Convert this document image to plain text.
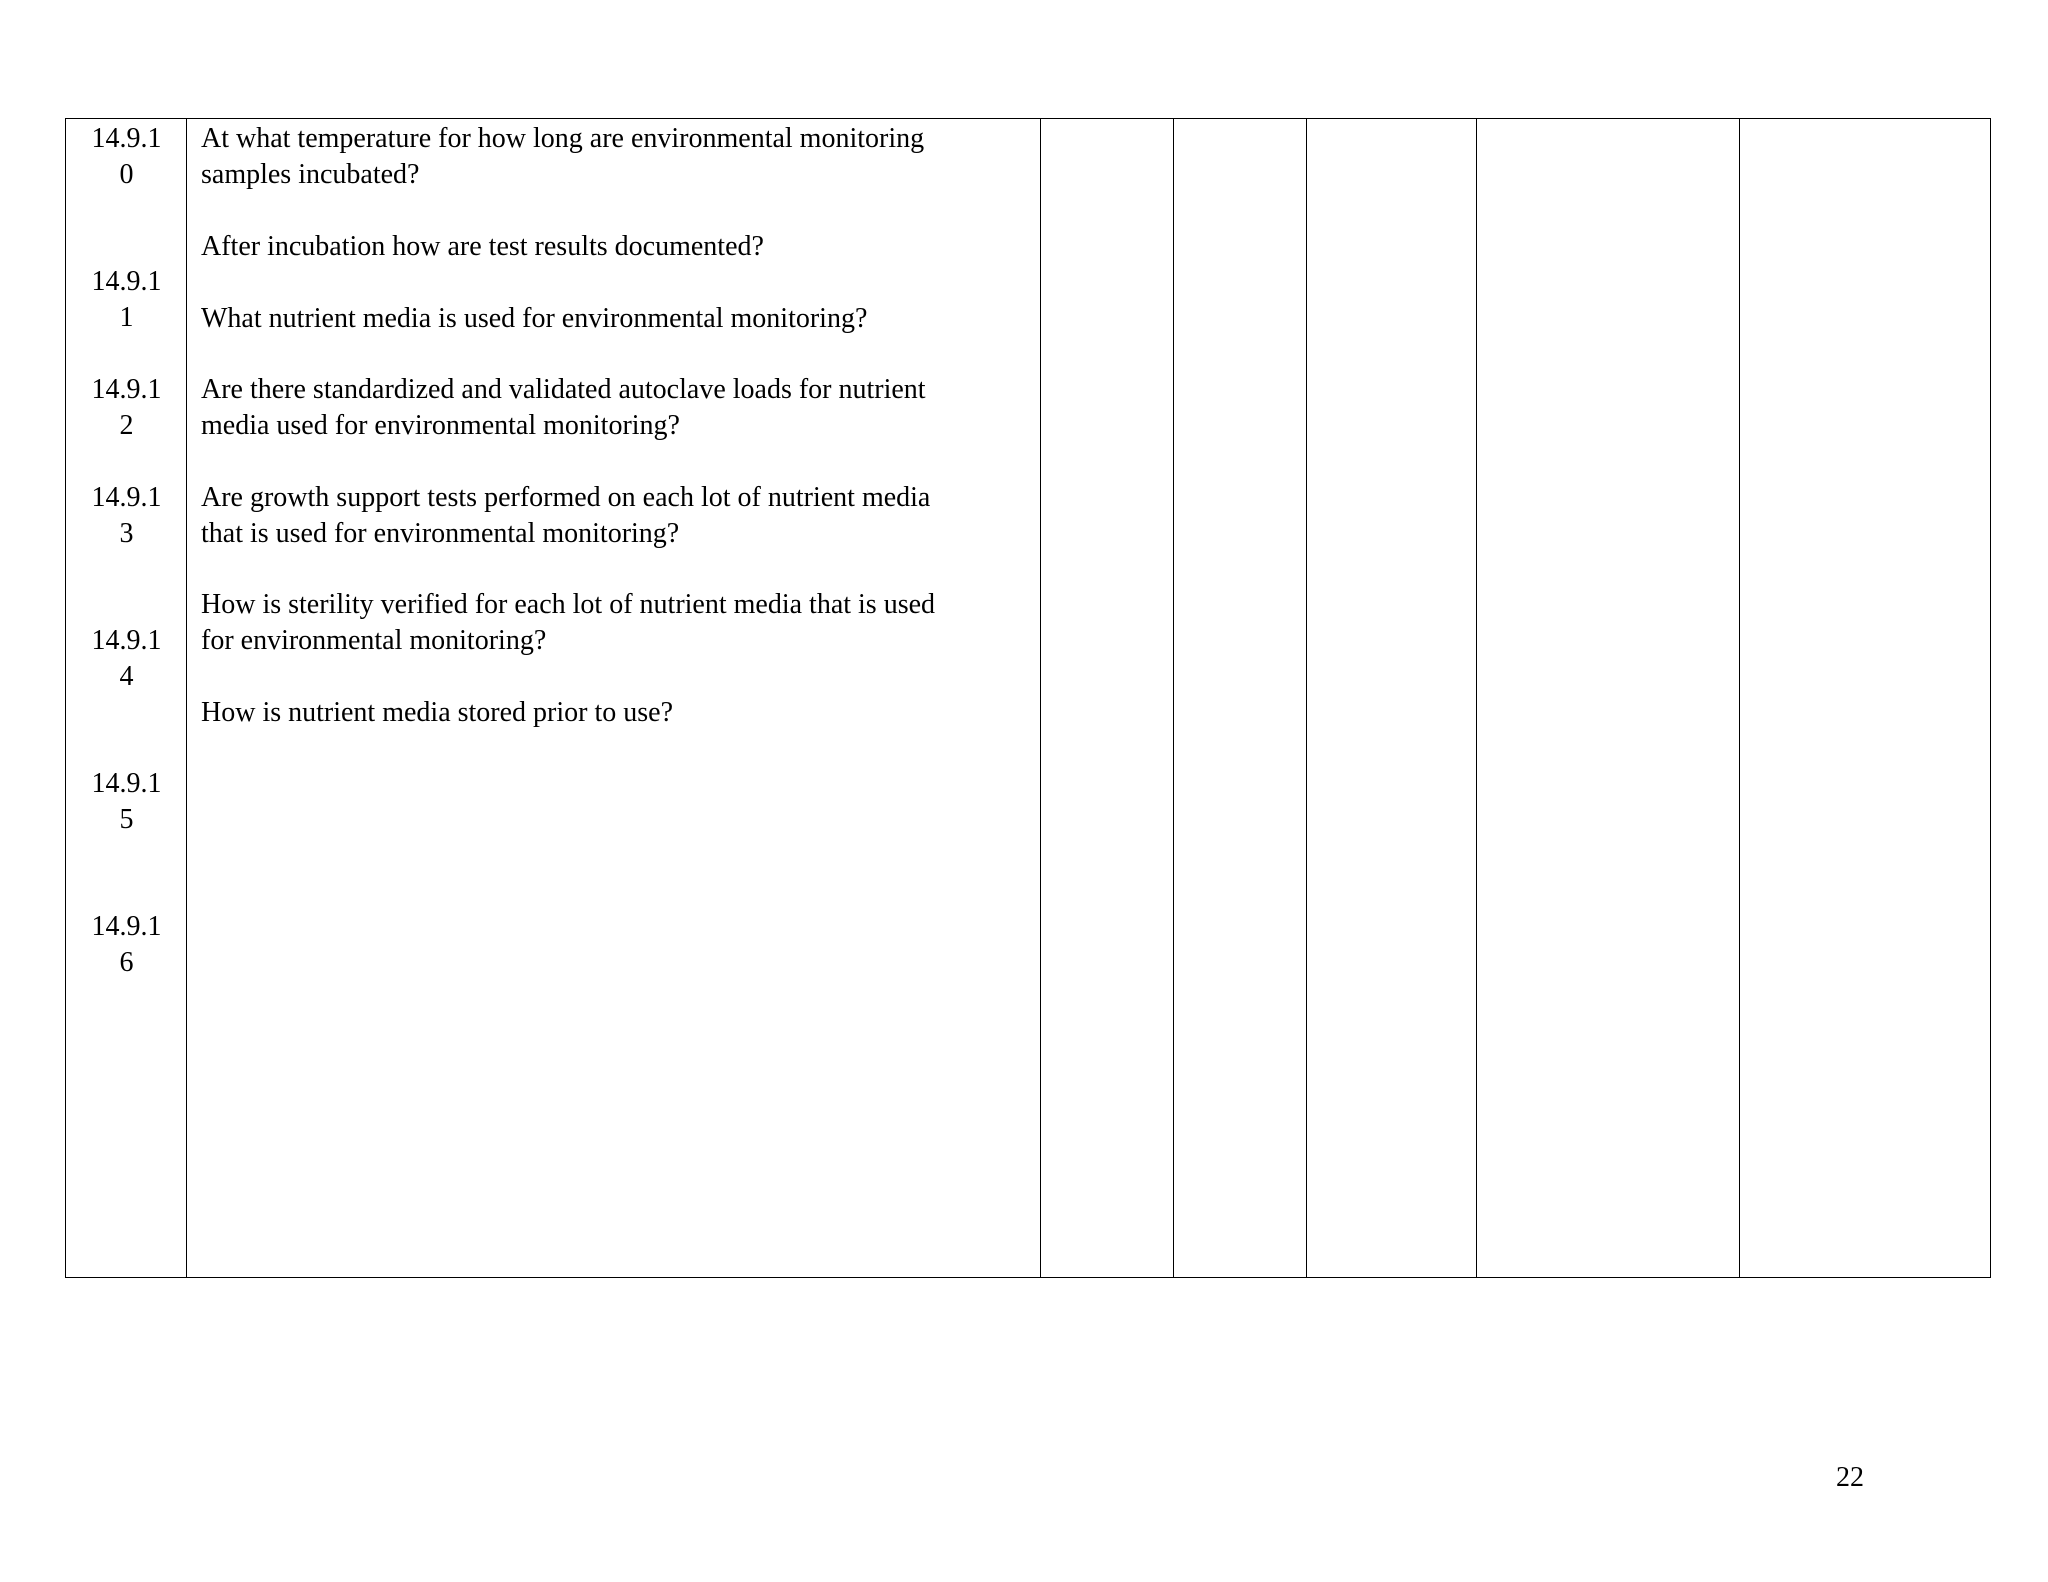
14.9.1
0
14.9.1
1
14.9.1
2
14.9.1
3
14.9.1
4
14.9.1
5
14.9.1
6
At what temperature for how long are environmental monitoring
samples incubated?
After incubation how are test results documented?
What nutrient media is used for environmental monitoring?
Are there standardized and validated autoclave loads for nutrient
media used for environmental monitoring?
Are growth support tests performed on each lot of nutrient media
that is used for environmental monitoring?
How is sterility verified for each lot of nutrient media that is used
for environmental monitoring?
How is nutrient media stored prior to use?
22
